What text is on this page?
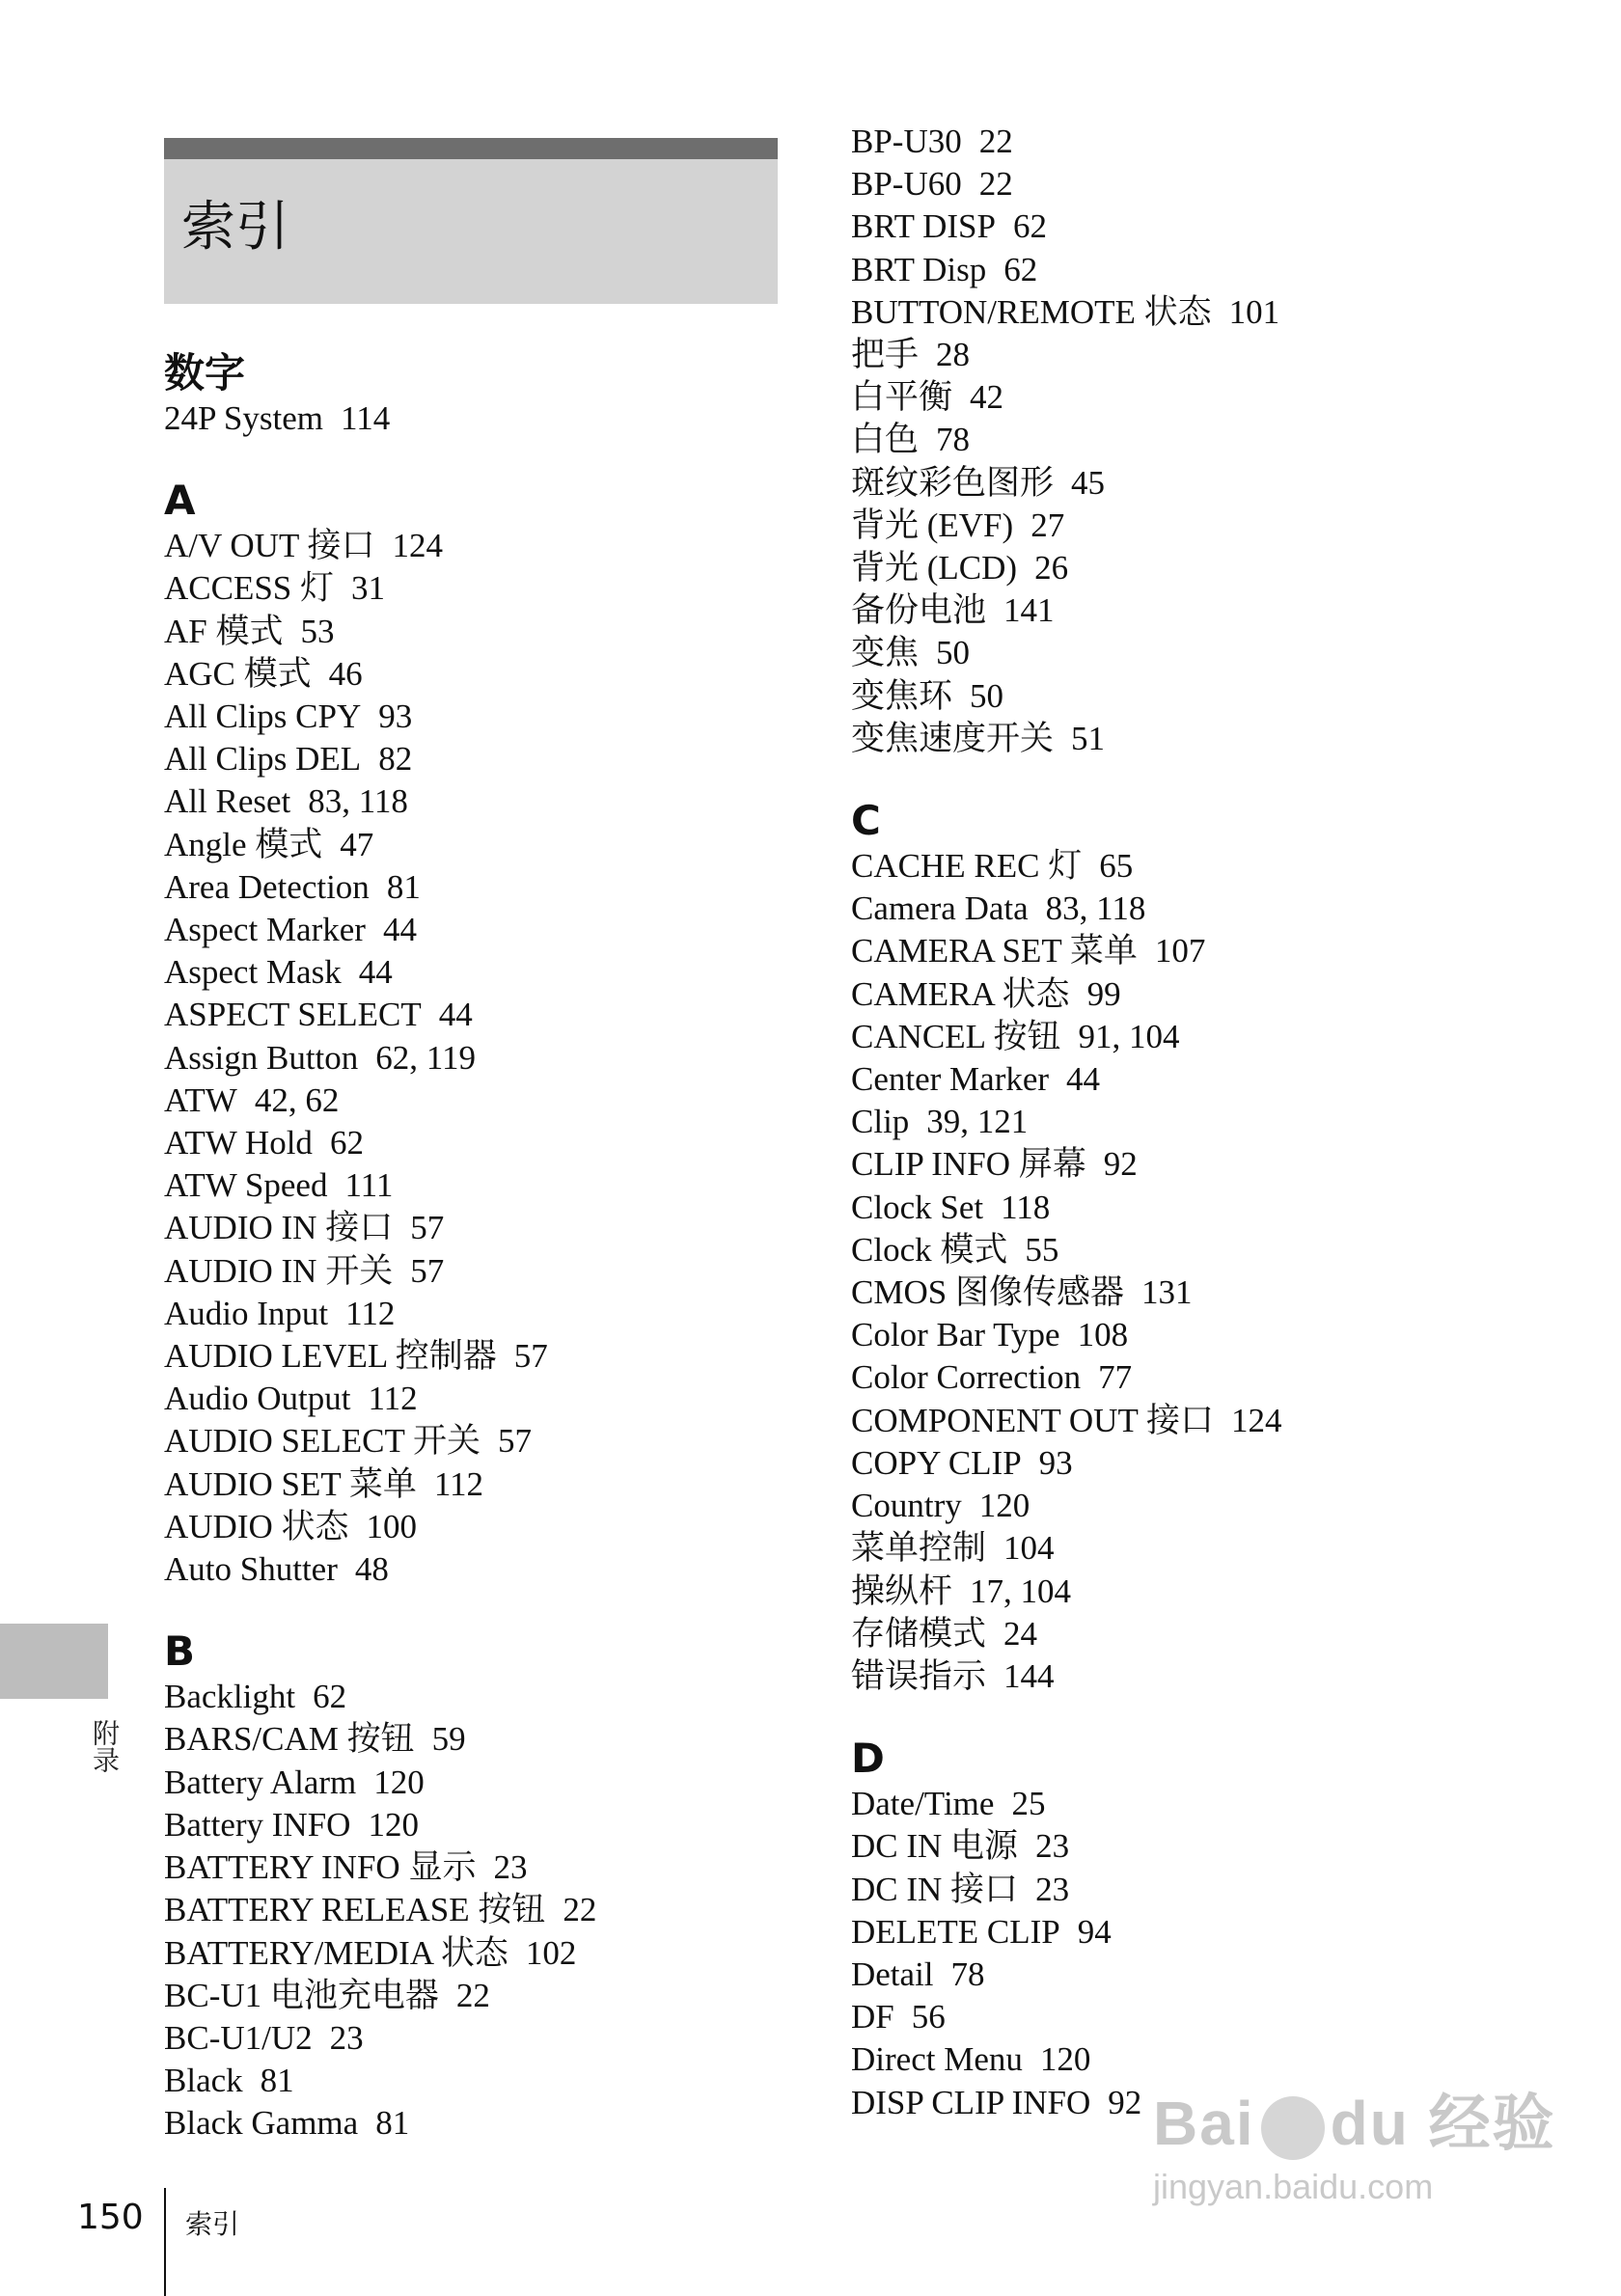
索引
数字
24P System 114
A
A/V OUT 接口 124
ACCESS 灯 31
AF 模式 53
AGC 模式 46
All Clips CPY 93
All Clips DEL 82
All Reset 83, 118
Angle 模式 47
Area Detection 81
Aspect Marker 44
Aspect Mask 44
ASPECT SELECT 44
Assign Button 62, 119
ATW 42, 62
ATW Hold 62
ATW Speed 111
AUDIO IN 接口 57
AUDIO IN 开关 57
Audio Input 112
AUDIO LEVEL 控制器 57
Audio Output 112
AUDIO SELECT 开关 57
AUDIO SET 菜单 112
AUDIO 状态 100
Auto Shutter 48
B
Backlight 62
BARS/CAM 按钮 59
Battery Alarm 120
Battery INFO 120
BATTERY INFO 显示 23
BATTERY RELEASE 按钮 22
BATTERY/MEDIA 状态 102
BC-U1 电池充电器 22
BC-U1/U2 23
Black 81
Black Gamma 81
BP-U30 22
BP-U60 22
BRT DISP 62
BRT Disp 62
BUTTON/REMOTE 状态 101
把手 28
白平衡 42
白色 78
斑纹彩色图形 45
背光 (EVF) 27
背光 (LCD) 26
备份电池 141
变焦 50
变焦环 50
变焦速度开关 51
C
CACHE REC 灯 65
Camera Data 83, 118
CAMERA SET 菜单 107
CAMERA 状态 99
CANCEL 按钮 91, 104
Center Marker 44
Clip 39, 121
CLIP INFO 屏幕 92
Clock Set 118
Clock 模式 55
CMOS 图像传感器 131
Color Bar Type 108
Color Correction 77
COMPONENT OUT 接口 124
COPY CLIP 93
Country 120
菜单控制 104
操纵杆 17, 104
存储模式 24
错误指示 144
D
Date/Time 25
DC IN 电源 23
DC IN 接口 23
DELETE CLIP 94
Detail 78
DF 56
Direct Menu 120
DISP CLIP INFO 92
附录
150 索引
Bai du 经验
jingyan.baidu.com
